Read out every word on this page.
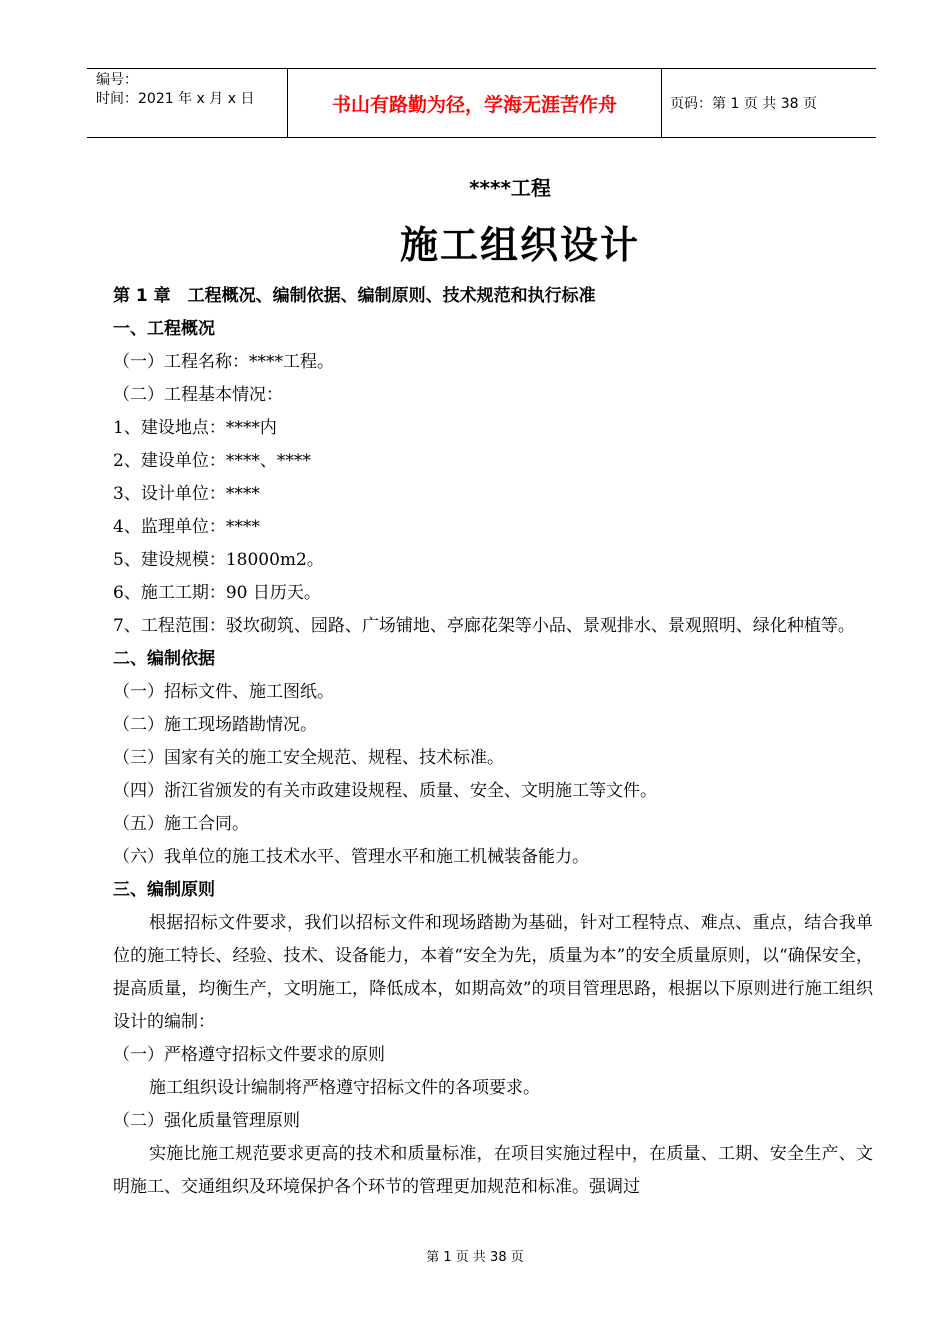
编号：
时间：2021 年 x 月 x 日	书山有路勤为径，学海无涯苦作舟	页码：第 1 页 共 38 页
****工程
施工组织设计

第 1 章　工程概况、编制依据、编制原则、技术规范和执行标准

一、工程概况

（一）工程名称：****工程。

（二）工程基本情况：

1、建设地点：****内

2、建设单位：****、****

3、设计单位：****

4、监理单位：****

5、建设规模：18000m2。

6、施工工期：90 日历天。

7、工程范围：驳坎砌筑、园路、广场铺地、亭廊花架等小品、景观排水、景观照明、绿化种植等。

二、编制依据

（一）招标文件、施工图纸。

（二）施工现场踏勘情况。

（三）国家有关的施工安全规范、规程、技术标准。

（四）浙江省颁发的有关市政建设规程、质量、安全、文明施工等文件。

（五）施工合同。

（六）我单位的施工技术水平、管理水平和施工机械装备能力。

三、编制原则

根据招标文件要求，我们以招标文件和现场踏勘为基础，针对工程特点、难点、重点，结合我单位的施工特长、经验、技术、设备能力，本着“安全为先，质量为本”的安全质量原则，以“确保安全，提高质量，均衡生产，文明施工，降低成本，如期高效”的项目管理思路，根据以下原则进行施工组织设计的编制：

（一）严格遵守招标文件要求的原则

施工组织设计编制将严格遵守招标文件的各项要求。

（二）强化质量管理原则

实施比施工规范要求更高的技术和质量标准，在项目实施过程中，在质量、工期、安全生产、文明施工、交通组织及环境保护各个环节的管理更加规范和标准。强调过

第 1 页 共 38 页
